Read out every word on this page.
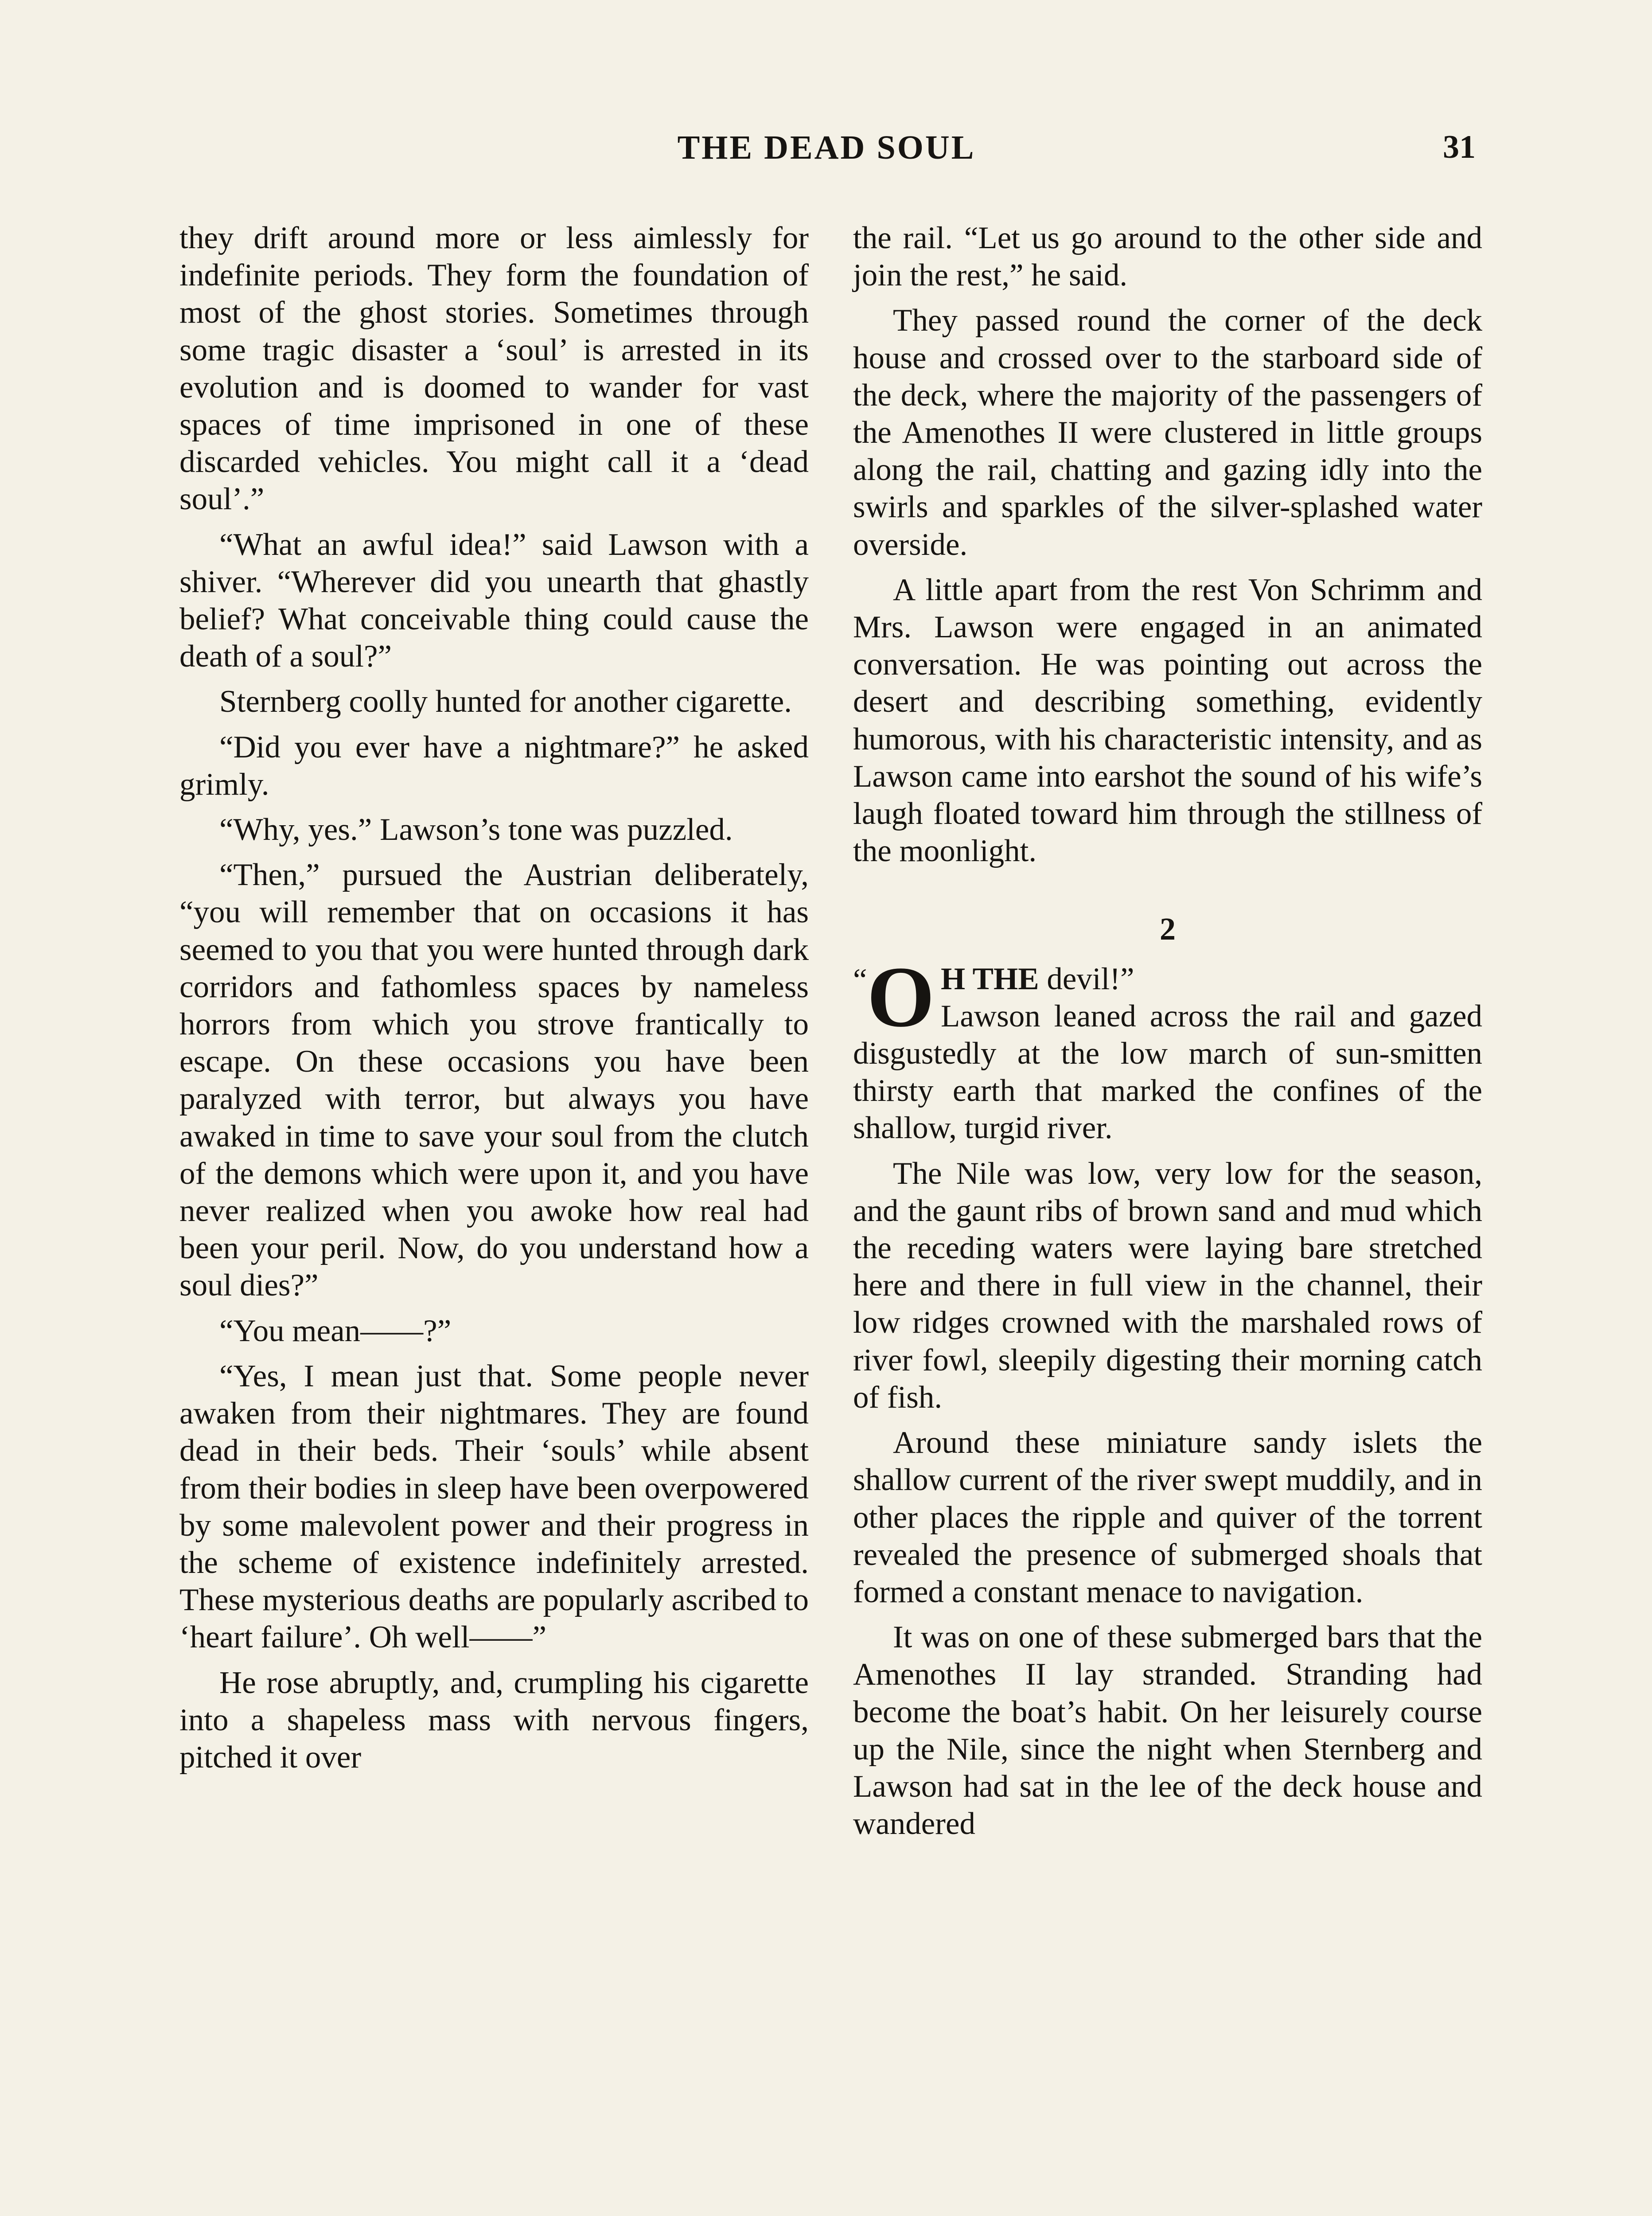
THE DEAD SOUL	31

they drift around more or less aimlessly for indefinite periods. They form the foundation of most of the ghost stories. Sometimes through some tragic disaster a ‘soul’ is arrested in its evolution and is doomed to wander for vast spaces of time imprisoned in one of these discarded vehicles. You might call it a ‘dead soul’.”

“What an awful idea!” said Lawson with a shiver. “Wherever did you unearth that ghastly belief? What conceivable thing could cause the death of a soul?”

Sternberg coolly hunted for another cigarette.

“Did you ever have a nightmare?” he asked grimly.

“Why, yes.” Lawson’s tone was puzzled.

“Then,” pursued the Austrian deliberately, “you will remember that on occasions it has seemed to you that you were hunted through dark corridors and fathomless spaces by nameless horrors from which you strove frantically to escape. On these occasions you have been paralyzed with terror, but always you have awaked in time to save your soul from the clutch of the demons which were upon it, and you have never realized when you awoke how real had been your peril. Now, do you understand how a soul dies?”

“You mean——?”

“Yes, I mean just that. Some people never awaken from their nightmares. They are found dead in their beds. Their ‘souls’ while absent from their bodies in sleep have been overpowered by some malevolent power and their progress in the scheme of existence indefinitely arrested. These mysterious deaths are popularly ascribed to ‘heart failure’. Oh well——”

He rose abruptly, and, crumpling his cigarette into a shapeless mass with nervous fingers, pitched it over

the rail. “Let us go around to the other side and join the rest,” he said.

They passed round the corner of the deck house and crossed over to the starboard side of the deck, where the majority of the passengers of the Amenothes II were clustered in little groups along the rail, chatting and gazing idly into the swirls and sparkles of the silver-splashed water overside.

A little apart from the rest Von Schrimm and Mrs. Lawson were engaged in an animated conversation. He was pointing out across the desert and describing something, evidently humorous, with his characteristic intensity, and as Lawson came into earshot the sound of his wife’s laugh floated toward him through the stillness of the moonlight.

2

“ O H THE devil!”
Lawson leaned across the rail and gazed disgustedly at the low march of sun-smitten thirsty earth that marked the confines of the shallow, turgid river.

The Nile was low, very low for the season, and the gaunt ribs of brown sand and mud which the receding waters were laying bare stretched here and there in full view in the channel, their low ridges crowned with the marshaled rows of river fowl, sleepily digesting their morning catch of fish.

Around these miniature sandy islets the shallow current of the river swept muddily, and in other places the ripple and quiver of the torrent revealed the presence of submerged shoals that formed a constant menace to navigation.

It was on one of these submerged bars that the Amenothes II lay stranded. Stranding had become the boat’s habit. On her leisurely course up the Nile, since the night when Sternberg and Lawson had sat in the lee of the deck house and wandered
